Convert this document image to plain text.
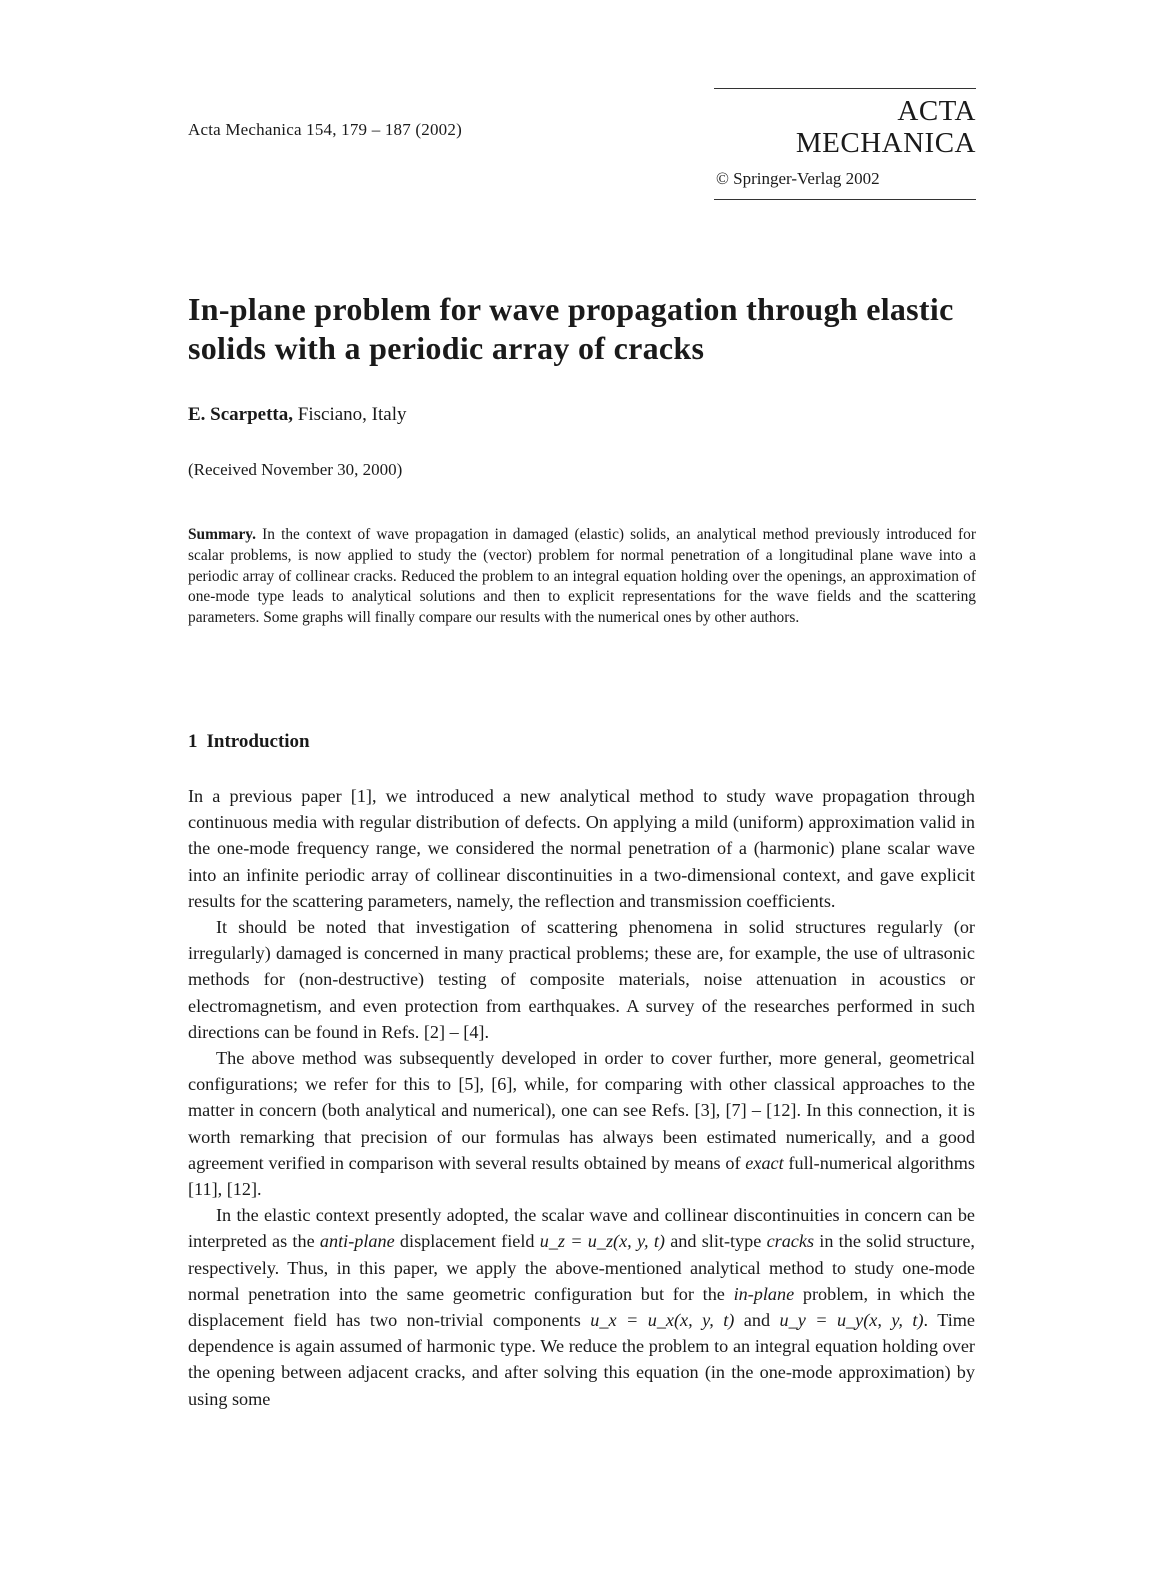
Acta Mechanica 154, 179 – 187 (2002)
ACTA MECHANICA
© Springer-Verlag 2002
In-plane problem for wave propagation through elastic solids with a periodic array of cracks
E. Scarpetta, Fisciano, Italy
(Received November 30, 2000)
Summary. In the context of wave propagation in damaged (elastic) solids, an analytical method previously introduced for scalar problems, is now applied to study the (vector) problem for normal penetration of a longitudinal plane wave into a periodic array of collinear cracks. Reduced the problem to an integral equation holding over the openings, an approximation of one-mode type leads to analytical solutions and then to explicit representations for the wave fields and the scattering parameters. Some graphs will finally compare our results with the numerical ones by other authors.
1 Introduction

In a previous paper [1], we introduced a new analytical method to study wave propagation through continuous media with regular distribution of defects. On applying a mild (uniform) approximation valid in the one-mode frequency range, we considered the normal penetration of a (harmonic) plane scalar wave into an infinite periodic array of collinear discontinuities in a two-dimensional context, and gave explicit results for the scattering parameters, namely, the reflection and transmission coefficients.

It should be noted that investigation of scattering phenomena in solid structures regularly (or irregularly) damaged is concerned in many practical problems; these are, for example, the use of ultrasonic methods for (non-destructive) testing of composite materials, noise attenuation in acoustics or electromagnetism, and even protection from earthquakes. A survey of the researches performed in such directions can be found in Refs. [2] – [4].

The above method was subsequently developed in order to cover further, more general, geometrical configurations; we refer for this to [5], [6], while, for comparing with other classical approaches to the matter in concern (both analytical and numerical), one can see Refs. [3], [7] – [12]. In this connection, it is worth remarking that precision of our formulas has always been estimated numerically, and a good agreement verified in comparison with several results obtained by means of exact full-numerical algorithms [11], [12].

In the elastic context presently adopted, the scalar wave and collinear discontinuities in concern can be interpreted as the anti-plane displacement field u_z = u_z(x, y, t) and slit-type cracks in the solid structure, respectively. Thus, in this paper, we apply the above-mentioned analytical method to study one-mode normal penetration into the same geometric configuration but for the in-plane problem, in which the displacement field has two non-trivial components u_x = u_x(x, y, t) and u_y = u_y(x, y, t). Time dependence is again assumed of harmonic type. We reduce the problem to an integral equation holding over the opening between adjacent cracks, and after solving this equation (in the one-mode approximation) by using some
